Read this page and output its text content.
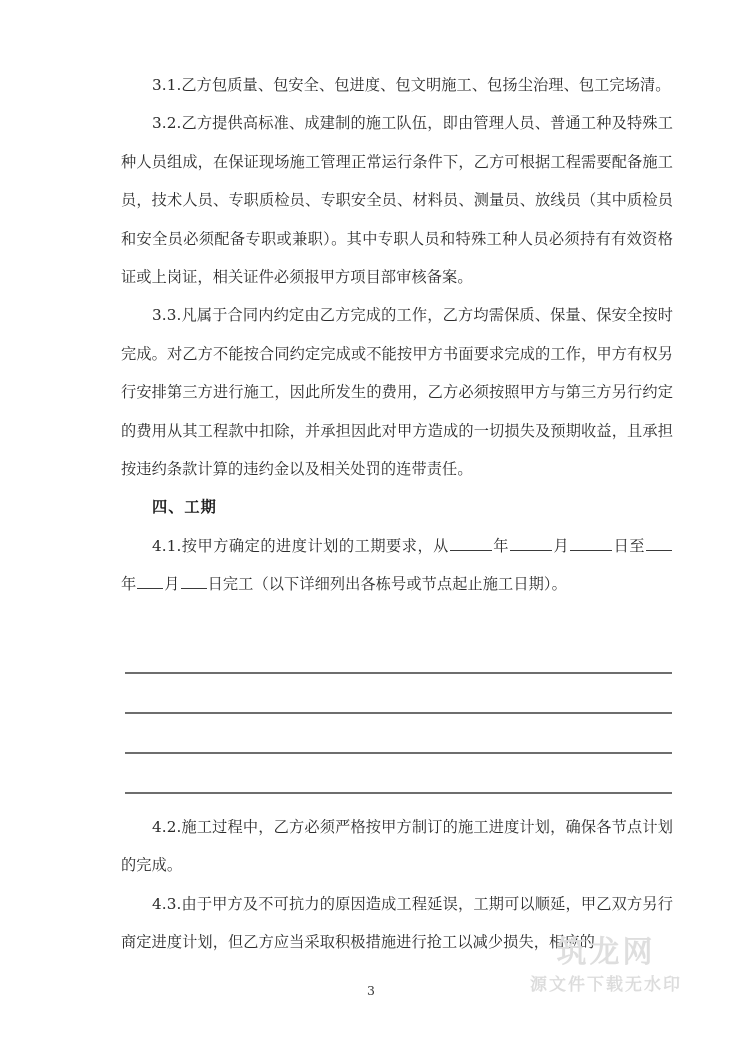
3.1.乙方包质量、包安全、包进度、包文明施工、包扬尘治理、包工完场清。

3.2.乙方提供高标准、成建制的施工队伍，即由管理人员、普通工种及特殊工种人员组成，在保证现场施工管理正常运行条件下，乙方可根据工程需要配备施工员，技术人员、专职质检员、专职安全员、材料员、测量员、放线员（其中质检员和安全员必须配备专职或兼职）。其中专职人员和特殊工种人员必须持有有效资格证或上岗证，相关证件必须报甲方项目部审核备案。

3.3.凡属于合同内约定由乙方完成的工作，乙方均需保质、保量、保安全按时完成。对乙方不能按合同约定完成或不能按甲方书面要求完成的工作，甲方有权另行安排第三方进行施工，因此所发生的费用，乙方必须按照甲方与第三方另行约定的费用从其工程款中扣除，并承担因此对甲方造成的一切损失及预期收益，且承担按违约条款计算的违约金以及相关处罚的连带责任。

四、工期

4.1.按甲方确定的进度计划的工期要求，从	年	月	日至年 月 日完工（以下详细列出各栋号或节点起止施工日期）。

4.2.施工过程中，乙方必须严格按甲方制订的施工进度计划，确保各节点计划的完成。

4.3.由于甲方及不可抗力的原因造成工程延误，工期可以顺延，甲乙双方另行商定进度计划，但乙方应当采取积极措施进行抢工以减少损失，相应的

筑龙网
源文件下载无水印
3
